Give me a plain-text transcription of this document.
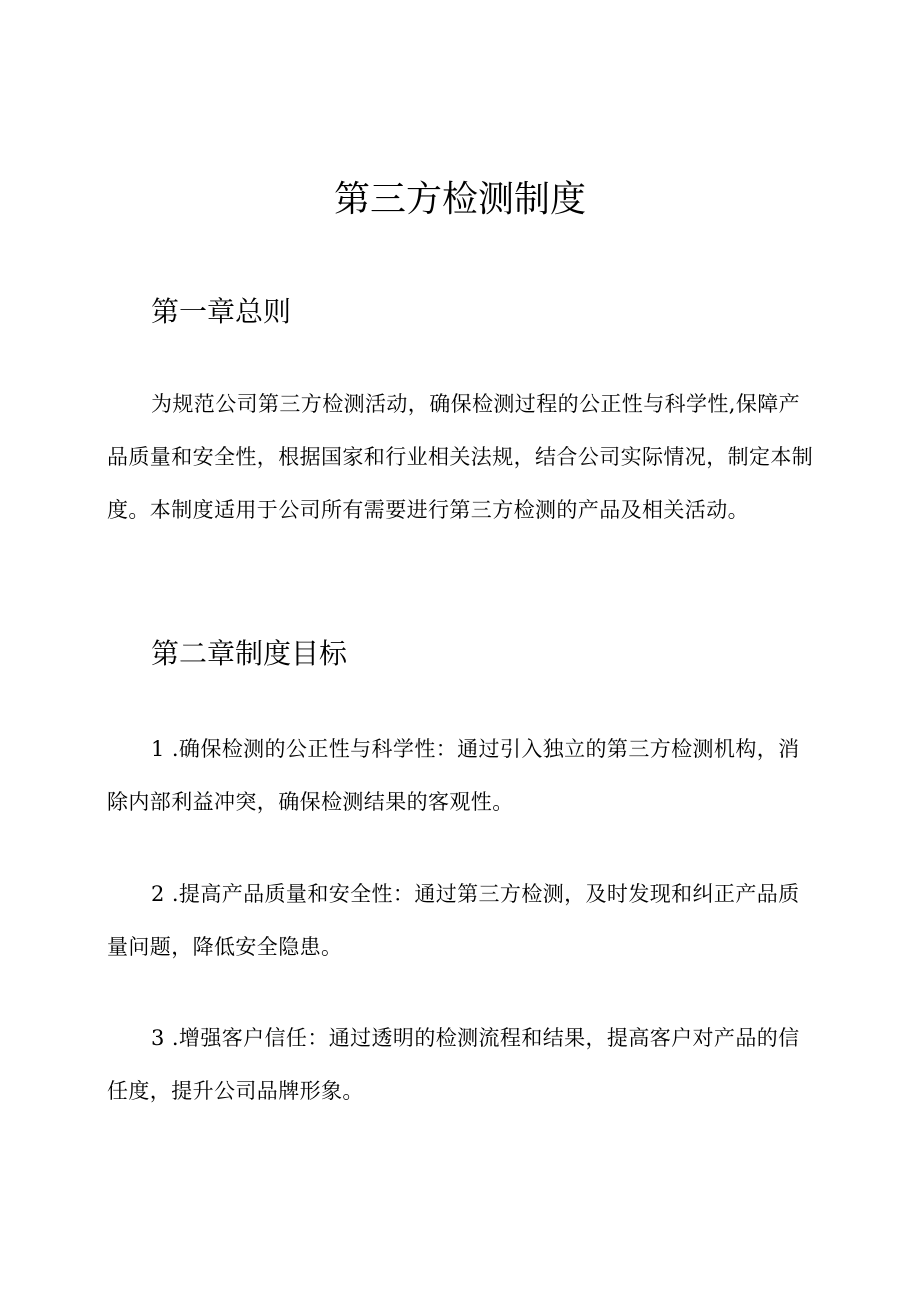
第三方检测制度
第一章总则

为规范公司第三方检测活动，确保检测过程的公正性与科学性,保障产品质量和安全性，根据国家和行业相关法规，结合公司实际情况，制定本制度。本制度适用于公司所有需要进行第三方检测的产品及相关活动。

第二章制度目标

1 .确保检测的公正性与科学性：通过引入独立的第三方检测机构，消除内部利益冲突，确保检测结果的客观性。

2 .提高产品质量和安全性：通过第三方检测，及时发现和纠正产品质量问题，降低安全隐患。

3 .增强客户信任：通过透明的检测流程和结果，提高客户对产品的信任度，提升公司品牌形象。
